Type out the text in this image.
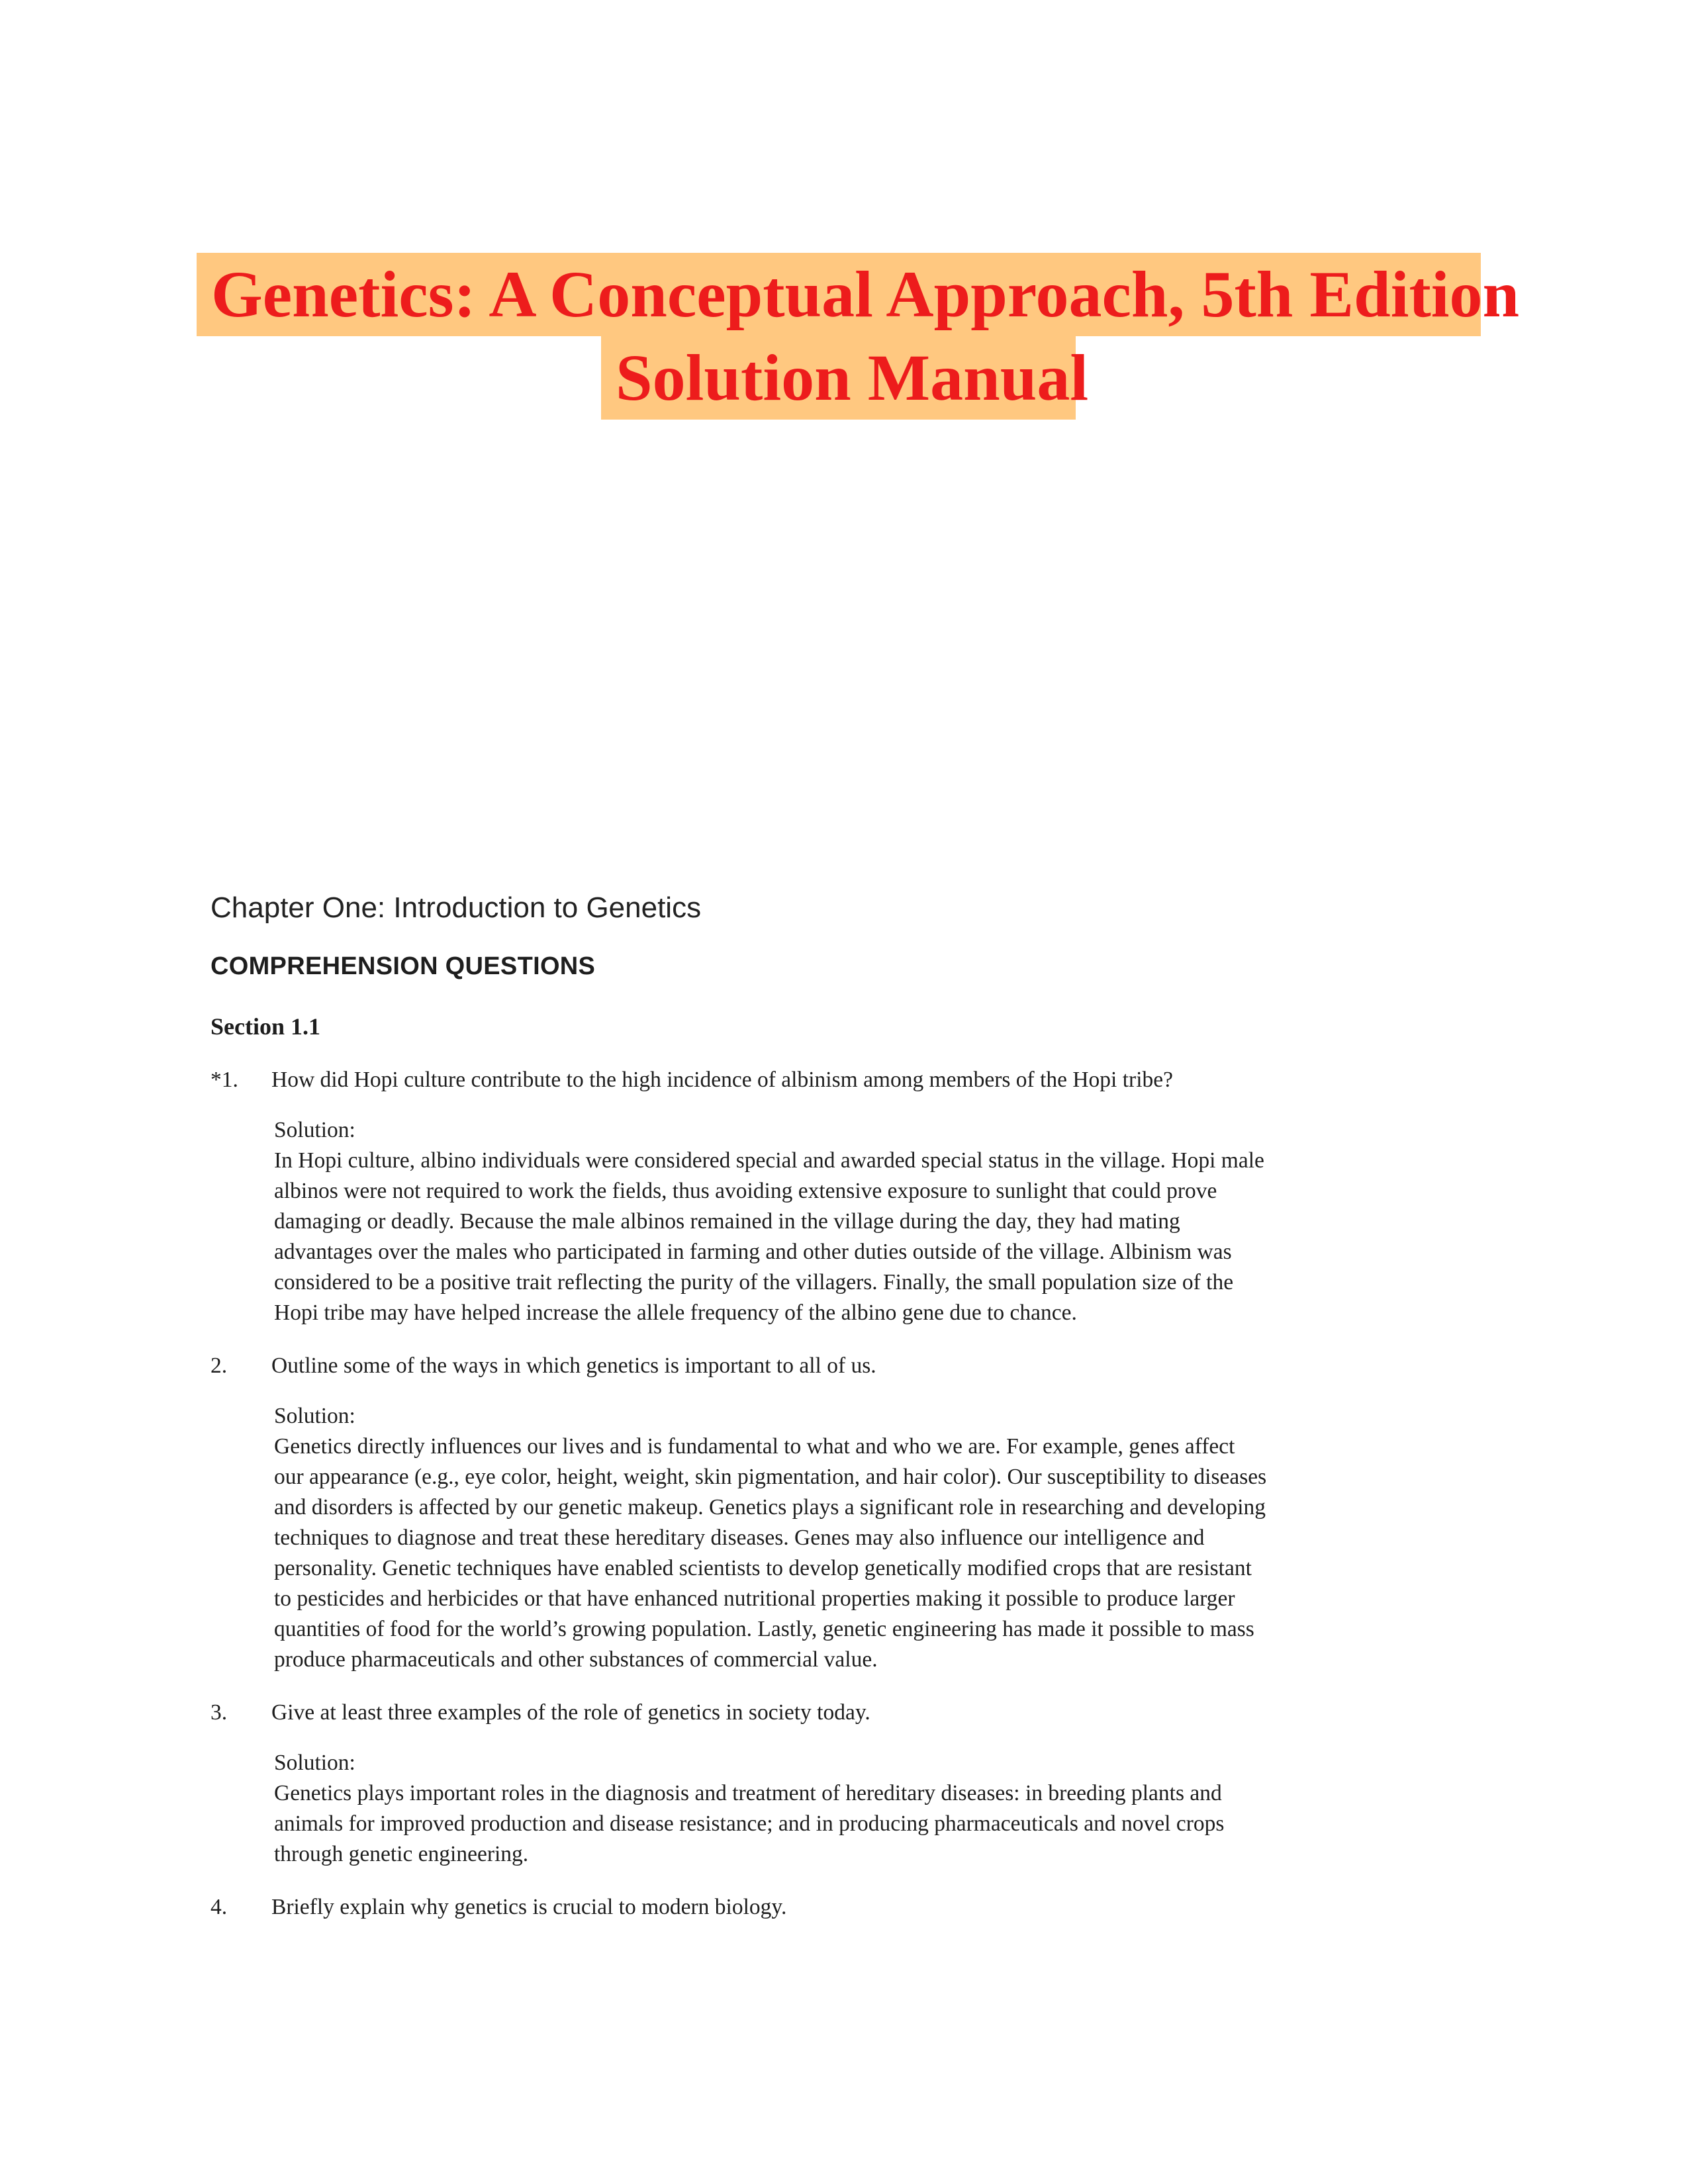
Genetics: A Conceptual Approach, 5th Edition
Solution Manual
Chapter One: Introduction to Genetics
COMPREHENSION QUESTIONS
Section 1.1
*1.	How did Hopi culture contribute to the high incidence of albinism among members of the Hopi tribe?
Solution:
In Hopi culture, albino individuals were considered special and awarded special status in the village. Hopi male albinos were not required to work the fields, thus avoiding extensive exposure to sunlight that could prove damaging or deadly. Because the male albinos remained in the village during the day, they had mating advantages over the males who participated in farming and other duties outside of the village. Albinism was considered to be a positive trait reflecting the purity of the villagers. Finally, the small population size of the Hopi tribe may have helped increase the allele frequency of the albino gene due to chance.
2.	Outline some of the ways in which genetics is important to all of us.
Solution:
Genetics directly influences our lives and is fundamental to what and who we are. For example, genes affect our appearance (e.g., eye color, height, weight, skin pigmentation, and hair color). Our susceptibility to diseases and disorders is affected by our genetic makeup. Genetics plays a significant role in researching and developing techniques to diagnose and treat these hereditary diseases. Genes may also influence our intelligence and personality. Genetic techniques have enabled scientists to develop genetically modified crops that are resistant to pesticides and herbicides or that have enhanced nutritional properties making it possible to produce larger quantities of food for the world’s growing population. Lastly, genetic engineering has made it possible to mass produce pharmaceuticals and other substances of commercial value.
3.	Give at least three examples of the role of genetics in society today.
Solution:
Genetics plays important roles in the diagnosis and treatment of hereditary diseases: in breeding plants and animals for improved production and disease resistance; and in producing pharmaceuticals and novel crops through genetic engineering.
4.	Briefly explain why genetics is crucial to modern biology.
